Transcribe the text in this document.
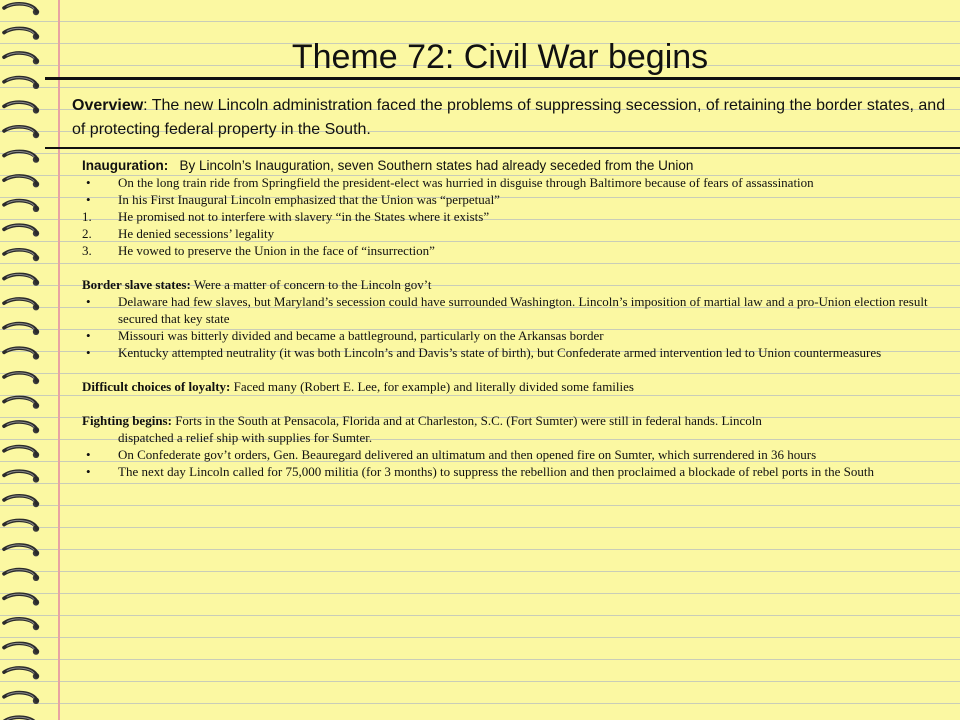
Theme 72: Civil War begins
Overview: The new Lincoln administration faced the problems of suppressing secession, of retaining the border states, and of protecting federal property in the South.
Inauguration: By Lincoln’s Inauguration, seven Southern states had already seceded from the Union
•	On the long train ride from Springfield the president-elect was hurried in disguise through Baltimore because of fears of assassination
•	In his First Inaugural Lincoln emphasized that the Union was “perpetual”
1.	He promised not to interfere with slavery “in the States where it exists”
2.	He denied secessions’ legality
3.	He vowed to preserve the Union in the face of “insurrection”
Border slave states: Were a matter of concern to the Lincoln gov’t
•	Delaware had few slaves, but Maryland’s secession could have surrounded Washington. Lincoln’s imposition of martial law and a pro-Union election result secured that key state
•	Missouri was bitterly divided and became a battleground, particularly on the Arkansas border
•	Kentucky attempted neutrality (it was both Lincoln’s and Davis’s state of birth), but Confederate armed intervention led to Union countermeasures
Difficult choices of loyalty: Faced many (Robert E. Lee, for example) and literally divided some families
Fighting begins: Forts in the South at Pensacola, Florida and at Charleston, S.C. (Fort Sumter) were still in federal hands. Lincoln
dispatched a relief ship with supplies for Sumter.
•	On Confederate gov’t orders, Gen. Beauregard delivered an ultimatum and then opened fire on Sumter, which surrendered in 36 hours
•	The next day Lincoln called for 75,000 militia (for 3 months) to suppress the rebellion and then proclaimed a blockade of rebel ports in the South
